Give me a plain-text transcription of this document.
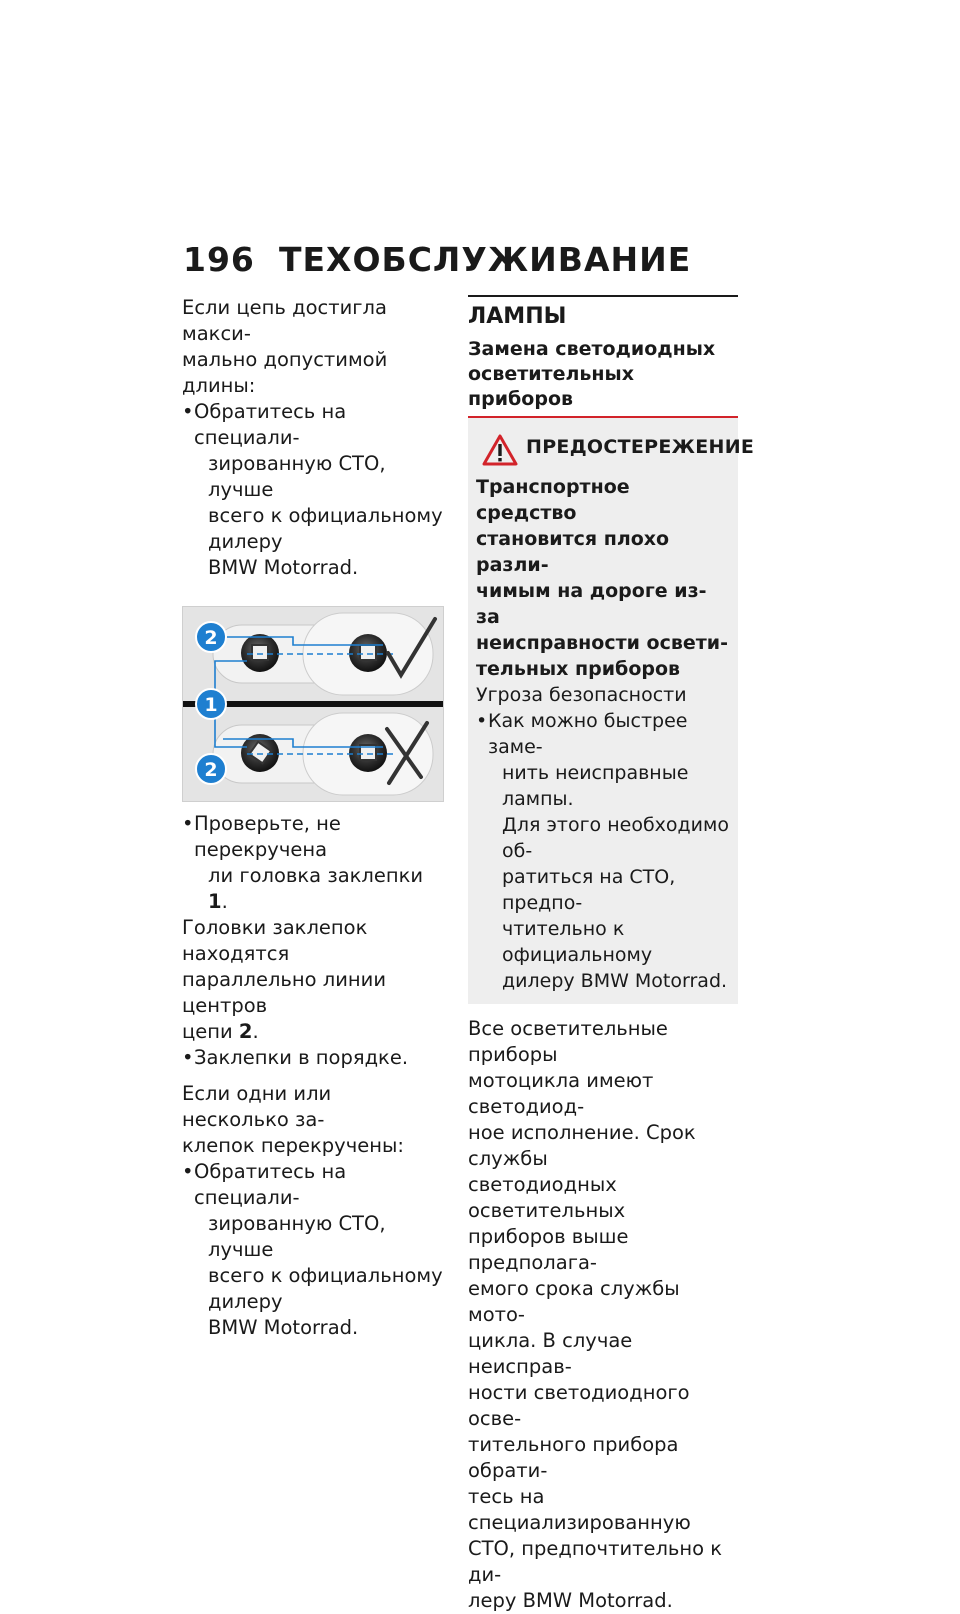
196 ТЕХОБСЛУЖИВАНИЕ

Если цепь достигла макси-

мально допустимой длины:

• Обратитесь на специали-
зированную СТО, лучше
всего к официальному дилеру
BMW Motorrad.
2
1
2
• Проверьте, не перекручена
ли головка заклепки 1.

Головки заклепок находятся

параллельно линии центров

цепи 2.

• Заклепки в порядке.

Если одни или несколько за-

клепок перекручены:

• Обратитесь на специали-
зированную СТО, лучше
всего к официальному дилеру
BMW Motorrad.
ЛАМПЫ
Замена светодиодных
осветительных приборов
ПРЕДОСТЕРЕЖЕНИЕ

Транспортное средство

становится плохо разли-

чимым на дороге из-за

неисправности освети-

тельных приборов

Угроза безопасности

• Как можно быстрее заме-
нить неисправные лампы.
Для этого необходимо об-
ратиться на СТО, предпо-
чтительно к официальному
дилеру BMW Motorrad.

Все осветительные приборы

мотоцикла имеют светодиод-

ное исполнение. Срок службы

светодиодных осветительных

приборов выше предполага-

емого срока службы мото-

цикла. В случае неисправ-

ности светодиодного осве-

тительного прибора обрати-

тесь на специализированную

СТО, предпочтительно к ди-

леру BMW Motorrad.
